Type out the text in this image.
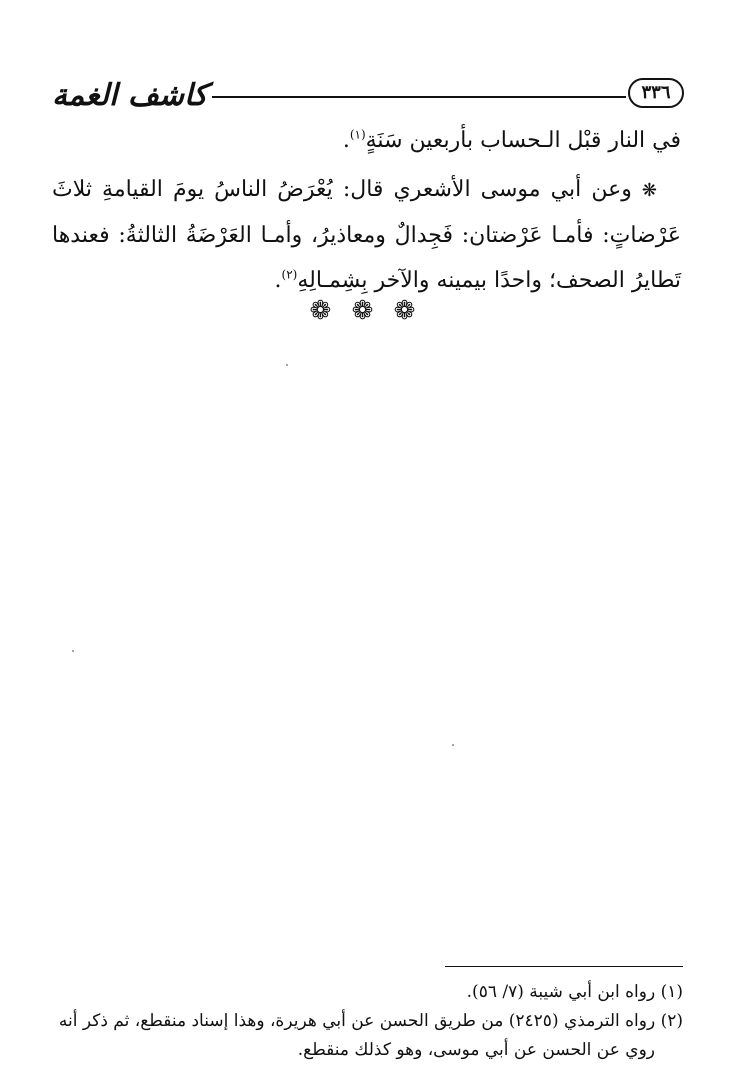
كاشف الغمة	٣٣٦

في النار قبْل الـحساب بأربعين سَنَةٍ$^{(١)}$.

❋ وعن أبي موسى الأشعري قال: يُعْرَضُ الناسُ يومَ القيامةِ ثلاثَ عَرْضاتٍ: فأمـا عَرْضتان: فَجِدالٌ ومعاذيرُ، وأمـا العَرْضَةُ الثالثةُ: فعندها تَطايرُ الصحف؛ واحدًا بيمينه والآخر بِشِمـالِهِ$^{(٢)}$.

❁ ❁ ❁

(١) رواه ابن أبي شيبة (٧/ ٥٦).

(٢) رواه الترمذي (٢٤٢٥) من طريق الحسن عن أبي هريرة، وهذا إسناد منقطع، ثم ذكر أنه

روي عن الحسن عن أبي موسى، وهو كذلك منقطع.
